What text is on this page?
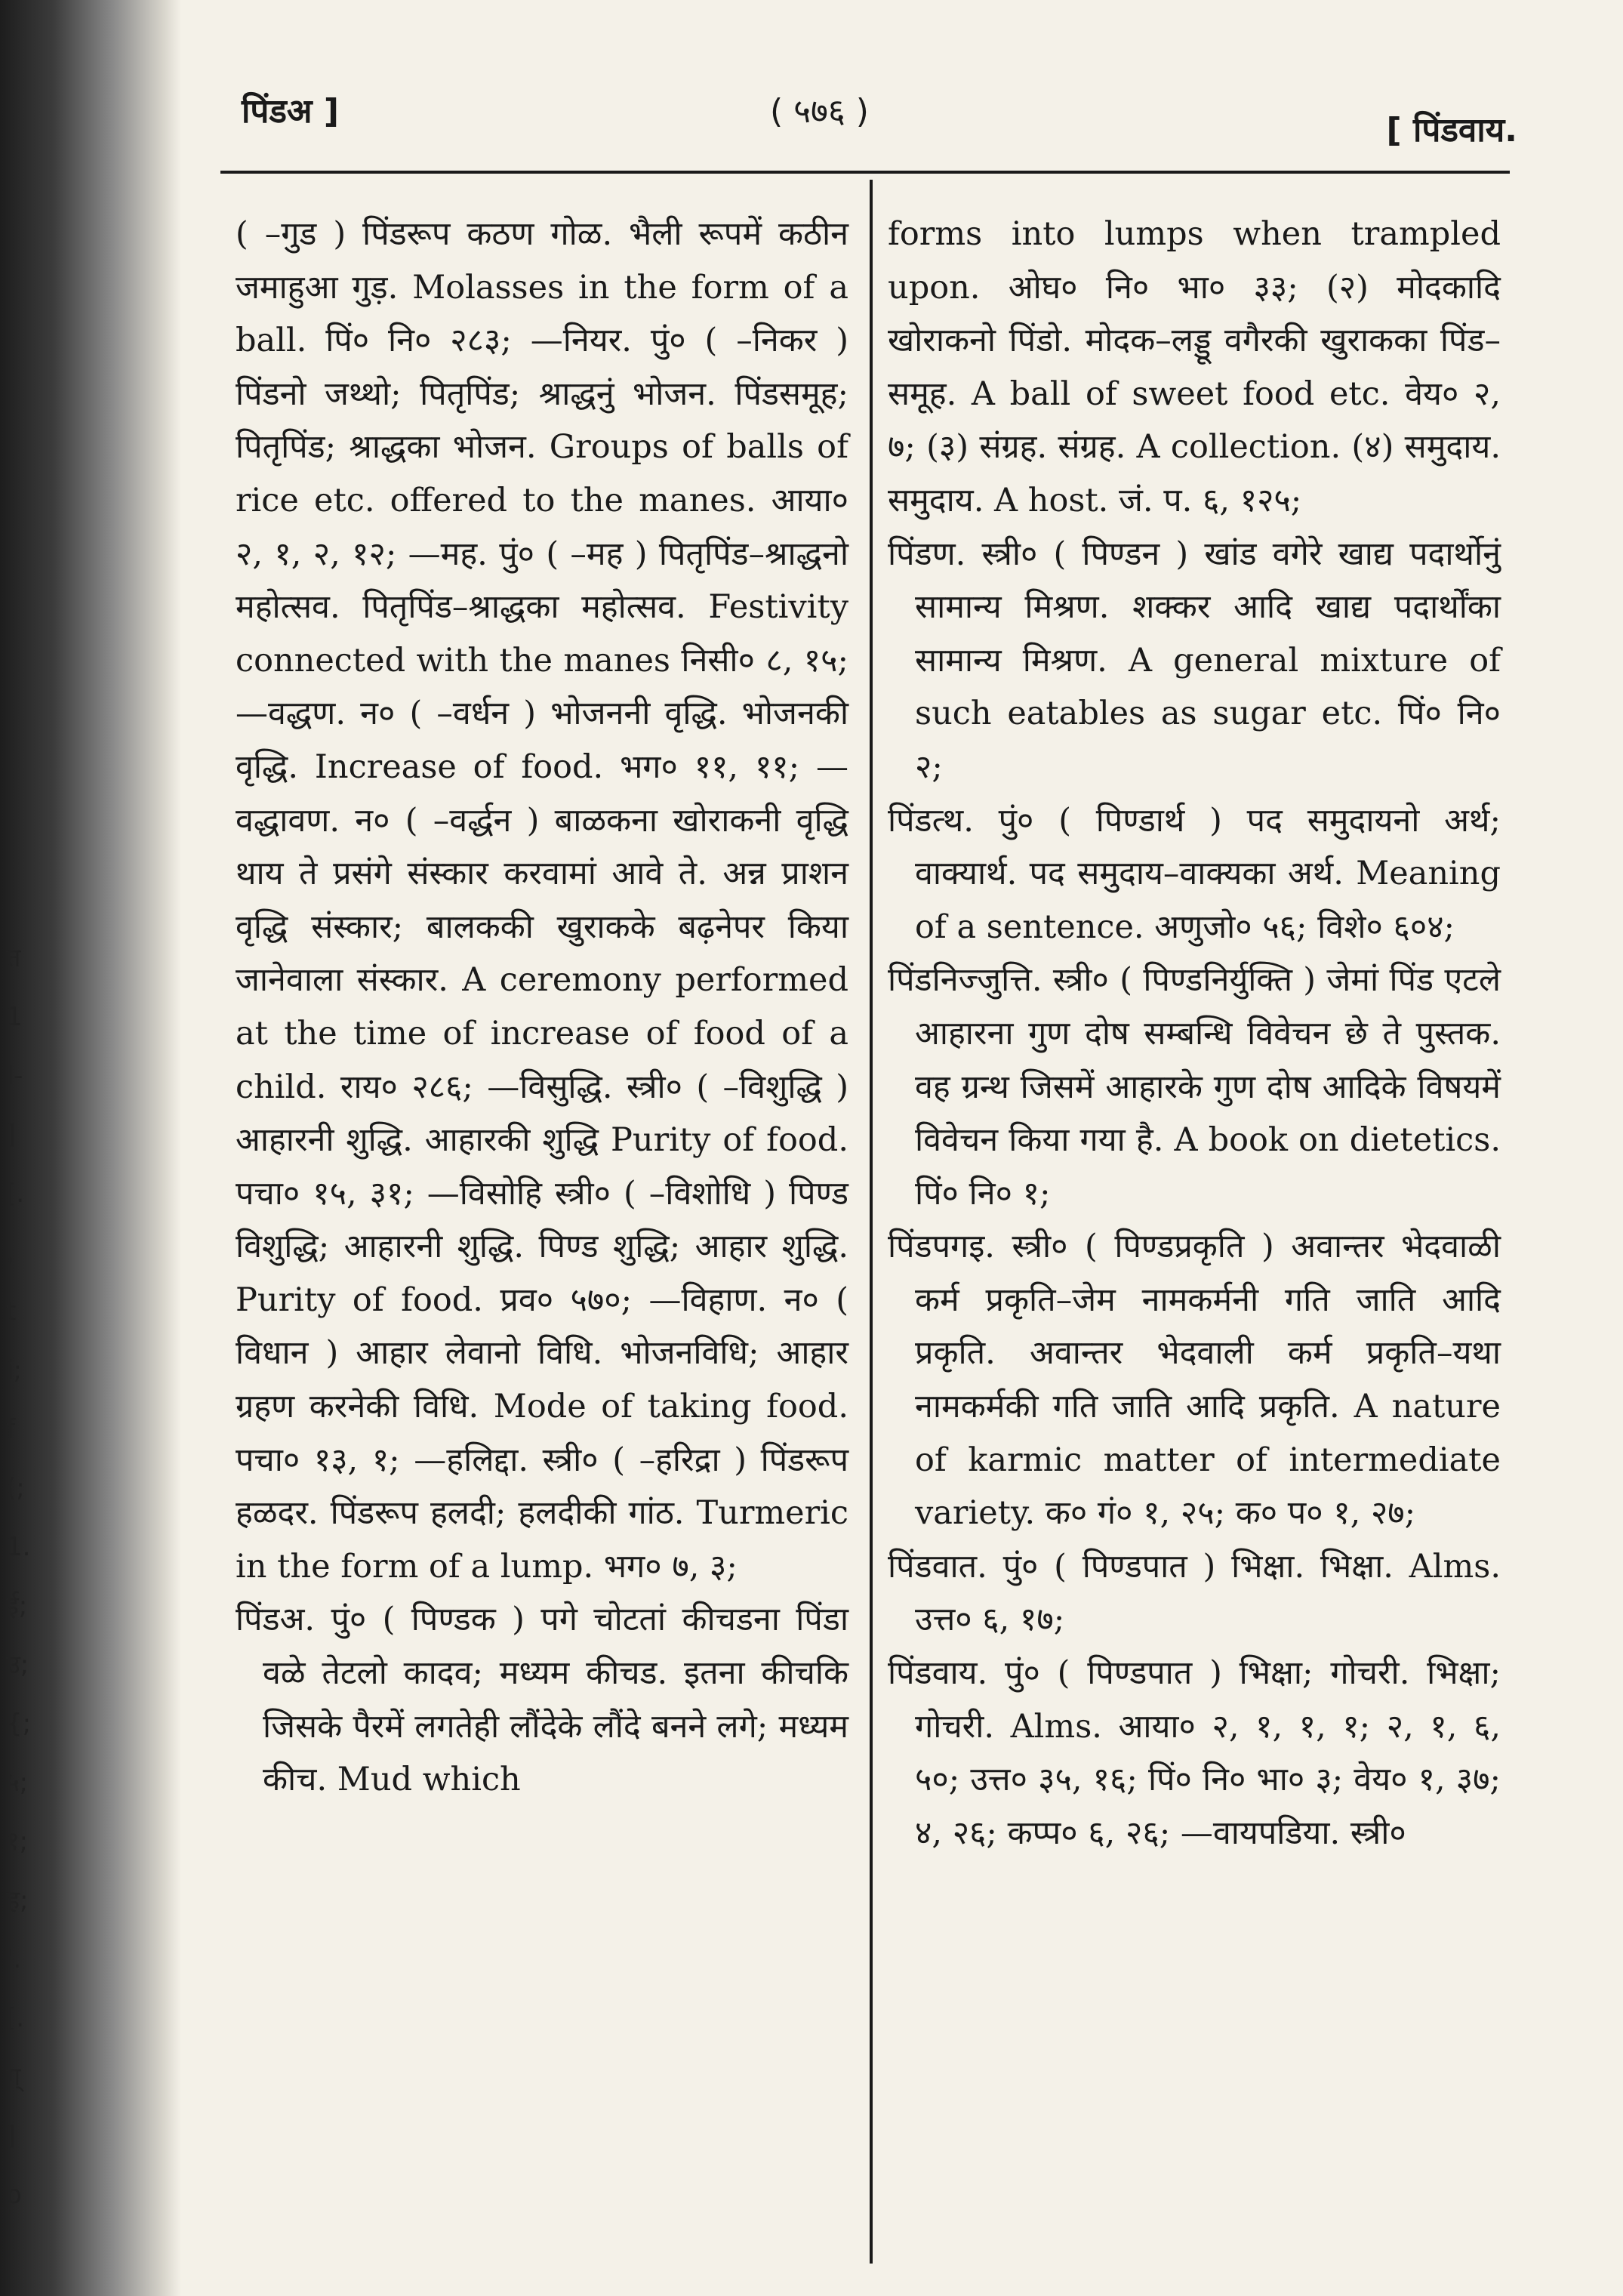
त
1
I-
]
[.
,
t
i;
f
(;
1.
ई;
उ;
{;
५;
१;
ह;
'.
[.
ग्
]
o
पिंडअ ]	( ५७६ )	[ पिंडवाय.

( –गुड ) पिंडरूप कठण गोळ. भैली रूपमें कठीन जमाहुआ गुड़. Molasses in the form of a ball. पिं० नि० २८३; —नियर. पुं० ( –निकर ) पिंडनो जथ्थो; पितृपिंड; श्राद्धनुं भोजन. पिंडसमूह; पितृपिंड; श्राद्धका भोजन. Groups of balls of rice etc. offered to the manes. आया० २, १, २, १२; —मह. पुं० ( –मह ) पितृपिंड–श्राद्धनो महोत्सव. पितृपिंड–श्राद्धका महोत्सव. Festivity connected with the manes निसी० ८, १५; —वद्धण. न० ( –वर्धन ) भोजननी वृद्धि. भोजनकी वृद्धि. Increase of food. भग० ११, ११; —वद्धावण. न० ( –वर्द्धन ) बाळकना खोराकनी वृद्धि थाय ते प्रसंगे संस्कार करवामां आवे ते. अन्न प्राशन वृद्धि संस्कार; बालककी खुराकके बढ़नेपर किया जानेवाला संस्कार. A ceremony performed at the time of increase of food of a child. राय० २८६; —विसुद्धि. स्त्री० ( –विशुद्धि ) आहारनी शुद्धि. आहारकी शुद्धि Purity of food. पचा० १५, ३१; —विसोहि स्त्री० ( –विशोधि ) पिण्ड विशुद्धि; आहारनी शुद्धि. पिण्ड शुद्धि; आहार शुद्धि. Purity of food. प्रव० ५७०; —विहाण. न० ( विधान ) आहार लेवानो विधि. भोजनविधि; आहार ग्रहण करनेकी विधि. Mode of taking food. पचा० १३, १; —हलिद्दा. स्त्री० ( –हरिद्रा ) पिंडरूप हळदर. पिंडरूप हलदी; हलदीकी गांठ. Turmeric in the form of a lump. भग० ७, ३;

पिंडअ. पुं० ( पिण्डक ) पगे चोटतां कीचडना पिंडा वळे तेटलो कादव; मध्यम कीचड. इतना कीचकि जिसके पैरमें लगतेही लौंदेके लौंदे बनने लगे; मध्यम कीच. Mud which

forms into lumps when trampled upon. ओघ० नि० भा० ३३; (२) मोदकादि खोराकनो पिंडो. मोदक–लड्डू वगैरकी खुराकका पिंड–समूह. A ball of sweet food etc. वेय० २, ७; (३) संग्रह. संग्रह. A collection. (४) समुदाय. समुदाय. A host. जं. प. ६, १२५;

पिंडण. स्त्री० ( पिण्डन ) खांड वगेरे खाद्य पदार्थोनुं सामान्य मिश्रण. शक्कर आदि खाद्य पदार्थोंका सामान्य मिश्रण. A general mixture of such eatables as sugar etc. पिं० नि० २;

पिंडत्थ. पुं० ( पिण्डार्थ ) पद समुदायनो अर्थ; वाक्यार्थ. पद समुदाय–वाक्यका अर्थ. Meaning of a sentence. अणुजो० ५६; विशे० ६०४;

पिंडनिज्जुत्ति. स्त्री० ( पिण्डनिर्युक्ति ) जेमां पिंड एटले आहारना गुण दोष सम्बन्धि विवेचन छे ते पुस्तक. वह ग्रन्थ जिसमें आहारके गुण दोष आदिके विषयमें विवेचन किया गया है. A book on dietetics. पिं० नि० १;

पिंडपगइ. स्त्री० ( पिण्डप्रकृति ) अवान्तर भेदवाळी कर्म प्रकृति–जेम नामकर्मनी गति जाति आदि प्रकृति. अवान्तर भेदवाली कर्म प्रकृति–यथा नामकर्मकी गति जाति आदि प्रकृति. A nature of karmic matter of intermediate variety. क० गं० १, २५; क० प० १, २७;

पिंडवात. पुं० ( पिण्डपात ) भिक्षा. भिक्षा. Alms. उत्त० ६, १७;

पिंडवाय. पुं० ( पिण्डपात ) भिक्षा; गोचरी. भिक्षा; गोचरी. Alms. आया० २, १, १, १; २, १, ६, ५०; उत्त० ३५, १६; पिं० नि० भा० ३; वेय० १, ३७; ४, २६; कप्प० ६, २६; —वायपडिया. स्त्री०
